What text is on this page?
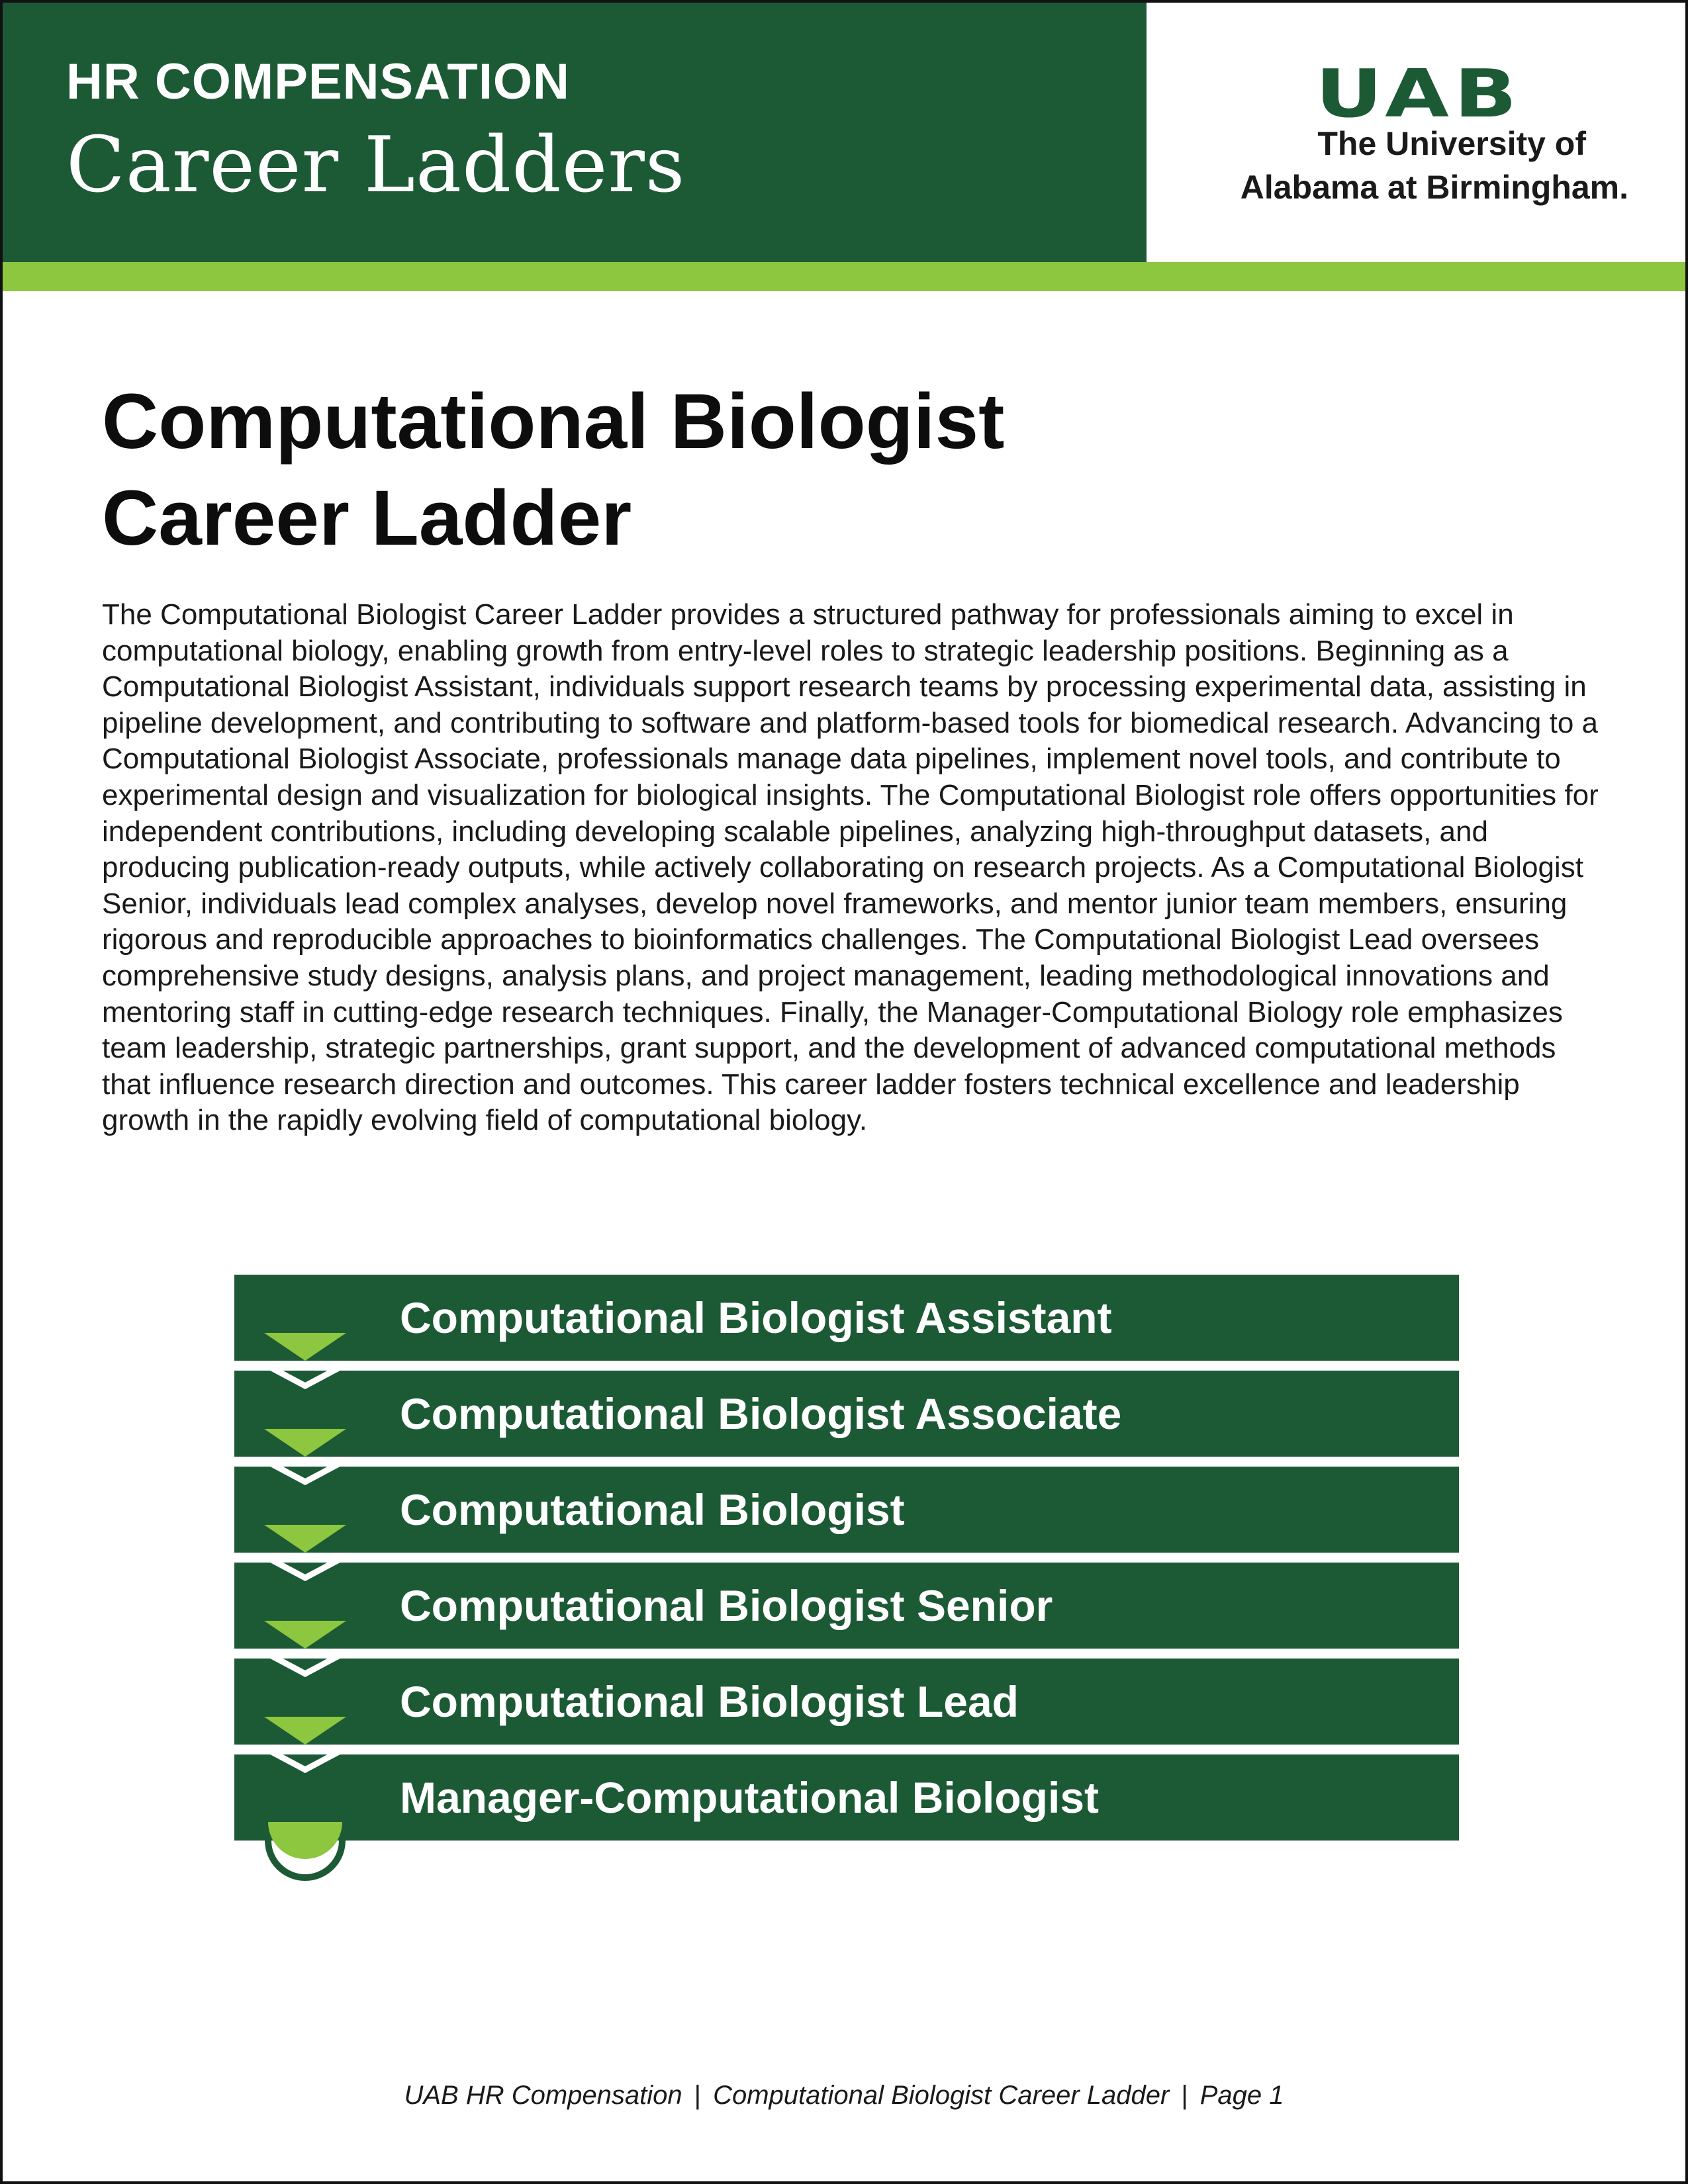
HR COMPENSATION
Career Ladders
UAB
The University of
Alabama at Birmingham.
Computational Biologist
Career Ladder

The Computational Biologist Career Ladder provides a structured pathway for professionals aiming to excel in computational biology, enabling growth from entry-level roles to strategic leadership positions. Beginning as a Computational Biologist Assistant, individuals support research teams by processing experimental data, assisting in pipeline development, and contributing to software and platform-based tools for biomedical research. Advancing to a Computational Biologist Associate, professionals manage data pipelines, implement novel tools, and contribute to experimental design and visualization for biological insights. The Computational Biologist role offers opportunities for independent contributions, including developing scalable pipelines, analyzing high-throughput datasets, and producing publication-ready outputs, while actively collaborating on research projects. As a Computational Biologist Senior, individuals lead complex analyses, develop novel frameworks, and mentor junior team members, ensuring rigorous and reproducible approaches to bioinformatics challenges. The Computational Biologist Lead oversees comprehensive study designs, analysis plans, and project management, leading methodological innovations and mentoring staff in cutting-edge research techniques. Finally, the Manager-Computational Biology role emphasizes team leadership, strategic partnerships, grant support, and the development of advanced computational methods that influence research direction and outcomes. This career ladder fosters technical excellence and leadership growth in the rapidly evolving field of computational biology.

Computational Biologist Assistant
Computational Biologist Associate
Computational Biologist
Computational Biologist Senior
Computational Biologist Lead
Manager-Computational Biologist
UAB HR Compensation | Computational Biologist Career Ladder | Page 1
